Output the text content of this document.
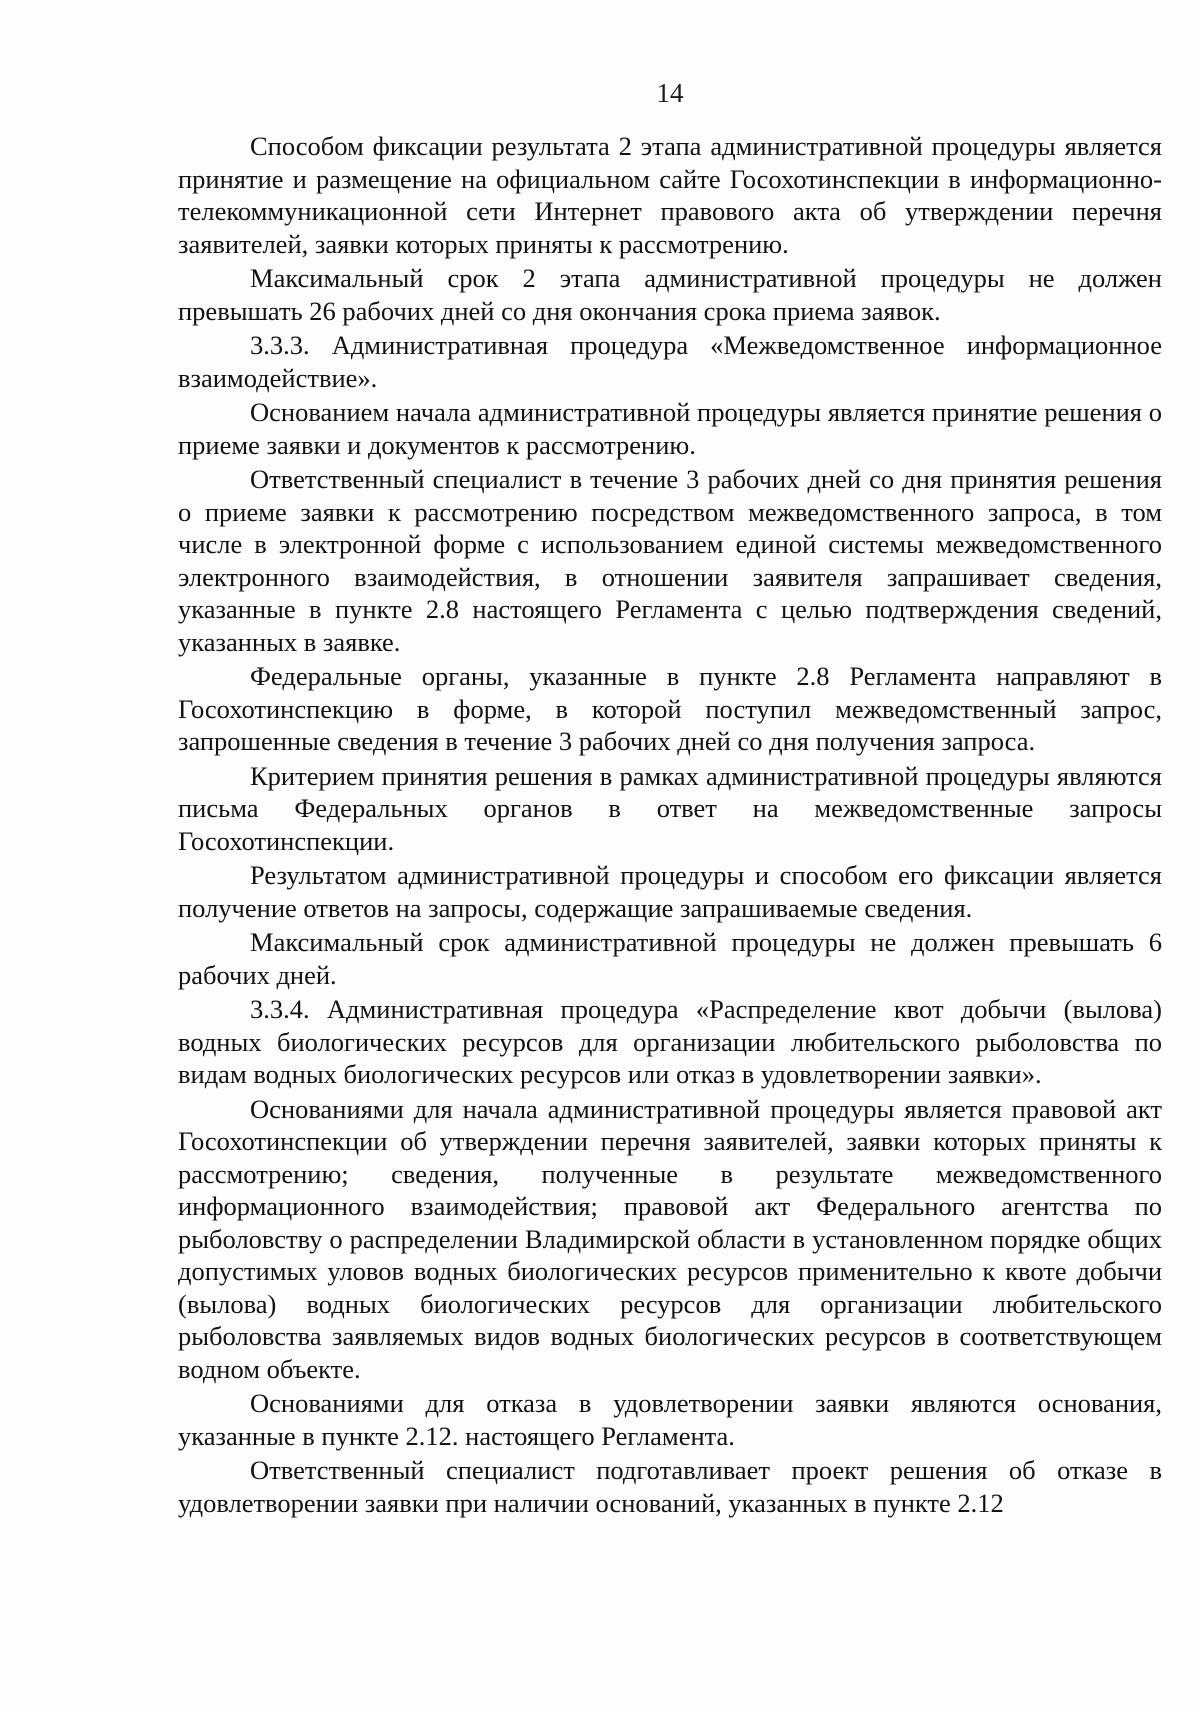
14

Способом фиксации результата 2 этапа административной процедуры является принятие и размещение на официальном сайте Госохотинспекции в информационно-телекоммуникационной сети Интернет правового акта об утверждении перечня заявителей, заявки которых приняты к рассмотрению.

Максимальный срок 2 этапа административной процедуры не должен превышать 26 рабочих дней со дня окончания срока приема заявок.

3.3.3. Административная процедура «Межведомственное информационное взаимодействие».

Основанием начала административной процедуры является принятие решения о приеме заявки и документов к рассмотрению.

Ответственный специалист в течение 3 рабочих дней со дня принятия решения о приеме заявки к рассмотрению посредством межведомственного запроса, в том числе в электронной форме с использованием единой системы межведомственного электронного взаимодействия, в отношении заявителя запрашивает сведения, указанные в пункте 2.8 настоящего Регламента с целью подтверждения сведений, указанных в заявке.

Федеральные органы, указанные в пункте 2.8 Регламента направляют в Госохотинспекцию в форме, в которой поступил межведомственный запрос, запрошенные сведения в течение 3 рабочих дней со дня получения запроса.

Критерием принятия решения в рамках административной процедуры являются письма Федеральных органов в ответ на межведомственные запросы Госохотинспекции.

Результатом административной процедуры и способом его фиксации является получение ответов на запросы, содержащие запрашиваемые сведения.

Максимальный срок административной процедуры не должен превышать 6 рабочих дней.

3.3.4. Административная процедура «Распределение квот добычи (вылова) водных биологических ресурсов для организации любительского рыболовства по видам водных биологических ресурсов или отказ в удовлетворении заявки».

Основаниями для начала административной процедуры является правовой акт Госохотинспекции об утверждении перечня заявителей, заявки которых приняты к рассмотрению; сведения, полученные в результате межведомственного информационного взаимодействия; правовой акт Федерального агентства по рыболовству о распределении Владимирской области в установленном порядке общих допустимых уловов водных биологических ресурсов применительно к квоте добычи (вылова) водных биологических ресурсов для организации любительского рыболовства заявляемых видов водных биологических ресурсов в соответствующем водном объекте.

Основаниями для отказа в удовлетворении заявки являются основания, указанные в пункте 2.12. настоящего Регламента.

Ответственный специалист подготавливает проект решения об отказе в удовлетворении заявки при наличии оснований, указанных в пункте 2.12
